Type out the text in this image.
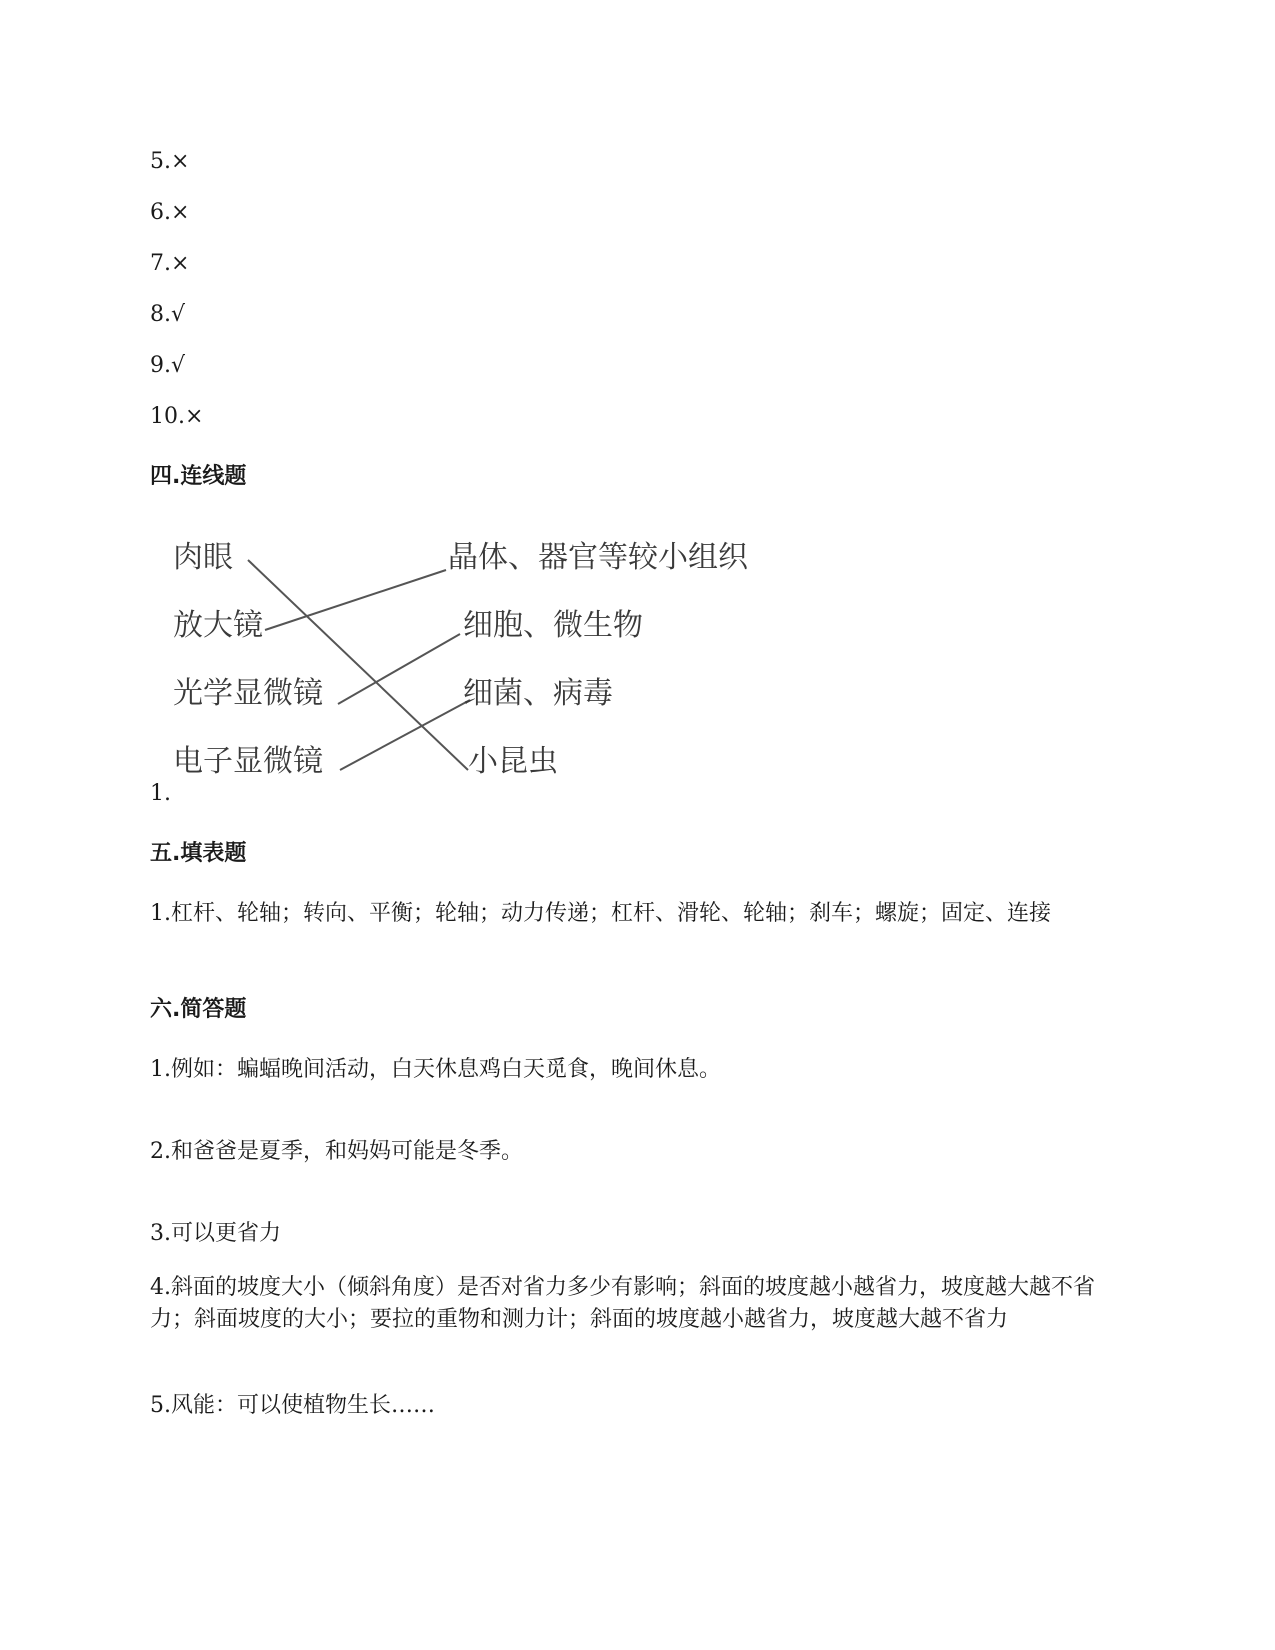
5.×
6.×
7.×
8.√
9.√
10.×
四.连线题
肉眼
放大镜
光学显微镜
电子显微镜
晶体、器官等较小组织
细胞、微生物
细菌、病毒
小昆虫
1.
五.填表题
1.杠杆、轮轴；转向、平衡；轮轴；动力传递；杠杆、滑轮、轮轴；刹车；螺旋；固定、连接
六.简答题
1.例如：蝙蝠晚间活动，白天休息鸡白天觅食，晚间休息。
2.和爸爸是夏季，和妈妈可能是冬季。
3.可以更省力
4.斜面的坡度大小（倾斜角度）是否对省力多少有影响；斜面的坡度越小越省力，坡度越大越不省力；斜面坡度的大小；要拉的重物和测力计；斜面的坡度越小越省力，坡度越大越不省力
5.风能：可以使植物生长……
